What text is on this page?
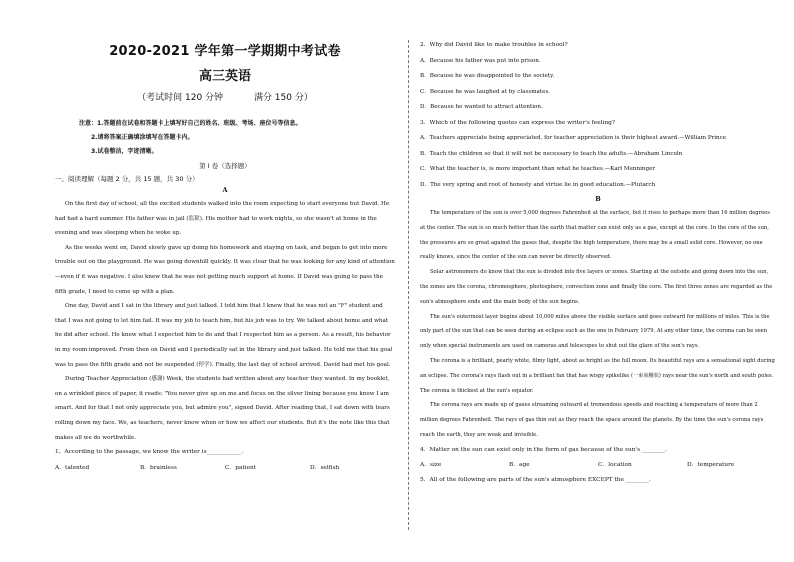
2020-2021 学年第一学期期中考试卷
高三英语
（考试时间 120 分钟	满分 150 分）
注意：1.答题前在试卷和答题卡上填写好自己的姓名、班级、考场、座位号等信息。
2.请将答案正确填涂填写在答题卡内。
3.试卷整洁，字迹清晰。
第 I 卷（选择题）
一、阅读理解（每题 2 分，共 15 题，共 30 分）
A

On the first day of school, all the excited students walked into the room expecting to start everyone but David. He had had a hard summer. His father was in jail (监狱). His mother had to work nights, so she wasn't at home in the evening and was sleeping when he woke up.

As the weeks went on, David slowly gave up doing his homework and staying on task, and began to get into more trouble out on the playground. He was going downhill quickly. It was clear that he was looking for any kind of attention—even if it was negative. I also knew that he was not getting much support at home. If David was going to pass the fifth grade, I need to come up with a plan.

One day, David and I sat in the library and just talked. I told him that I knew that he was not an "F" student and that I was not going to let him fail. It was my job to teach him, but his job was to try. We talked about home and what he did after school. He knew what I expected him to do and that I respected him as a person. As a result, his behavior in my room improved. From then on David and I periodically sat in the library and just talked. He told me that his goal was to pass the fifth grade and not be suspended (停学). Finally, the last day of school arrived. David had met his goal.

During Teacher Appreciation (感谢) Week, the students had written about any teacher they wanted. In my booklet, on a wrinkled piece of paper, it reads: "You never give up on me and focus on the silver lining because you know I am smart. And for that I not only appreciate you, but admire you", signed David. After reading that, I sat down with tears rolling down my face. We, as teachers, never know when or how we affect our students. But it's the note like this that makes all we do worthwhile.

1、According to the passage, we know the writer is____________.

A．talented	B．brainless	C．patient	D．selfish

2．Why did David like to make troubles in school?

A．Because his father was put into prison.

B．Because he was disappointed to the society.

C．Because he was laughed at by classmates.

D．Because he wanted to attract attention.

3．Which of the following quotes can express the writer's feeling?

A．Teachers appreciate being appreciated, for teacher appreciation is their highest award.—William Prince

B．Teach the children so that it will not be necessary to teach the adults.—Abraham Lincoln

C．What the teacher is, is more important than what he teaches.—Karl Menninger

D．The very spring and root of honesty and virtue lie in good education.—Plutarch

B

The temperature of the sun is over 5,000 degrees Fahrenheit at the surface, but it rises to perhaps more than 16 million degrees at the center. The sun is so much hotter than the earth that matter can exist only as a gas, except at the core. In the core of the sun, the pressures are so great against the gases that, despite the high temperature, there may be a small solid core. However, no one really knows, since the center of the sun can never be directly observed.

Solar astronomers do know that the sun is divided into five layers or zones. Starting at the outside and going down into the sun, the zones are the corona, chromosphere, photosphere, convection zone and finally the core. The first three zones are regarded as the sun's atmosphere ends and the main body of the sun begins.

The sun's outermost layer begins about 10,000 miles above the visible surface and goes outward for millions of miles. This is the only part of the sun that can be seen during an eclipse such as the one in February 1979. At any other time, the corona can be seen only when special instruments are used on cameras and telescopes to shut out the glare of the sun's rays.

The corona is a brilliant, pearly white, filmy light, about as bright as the full moon. Its beautiful rays are a sensational sight during an eclipse. The corona's rays flash out in a brilliant fan that has wispy spikelike (一束束穗状) rays near the sun's north and south poles. The corona is thickest at the sun's equator.

The corona rays are made up of gases streaming outward at tremendous speeds and reaching a temperature of more than 2 million degrees Fahrenheit. The rays of gas thin out as they reach the space around the planets. By the time the sun's corona rays reach the earth, they are weak and invisible.

4．Matter on the sun can exist only in the form of gas because of the sun's ________.

A．size	B．age	C．location	D．temperature

5．All of the following are parts of the sun's atmosphere EXCEPT the ________.
